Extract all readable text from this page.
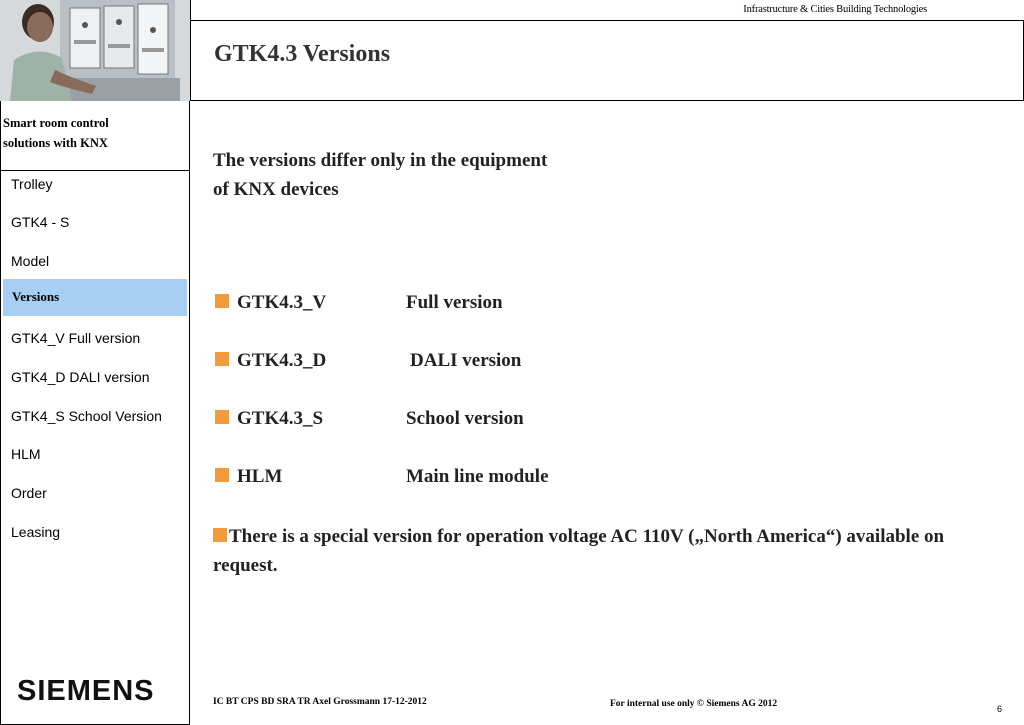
Infrastructure & Cities Building Technologies
GTK4.3 Versions
Smart room control
solutions with KNX
Trolley
GTK4 - S
Model
Versions
GTK4_V Full version
GTK4_D DALI version
GTK4_S School Version
HLM
Order
Leasing
SIEMENS
The versions differ only in the equipment
of KNX devices
GTK4.3_V	Full version
GTK4.3_D	DALI version
GTK4.3_S	School version
HLM	Main line module
There is a special version for operation voltage AC 110V („North America“) available on request.
IC BT CPS BD SRA TR Axel Grossmann 17-12-2012	For internal use only © Siemens AG 2012	6
